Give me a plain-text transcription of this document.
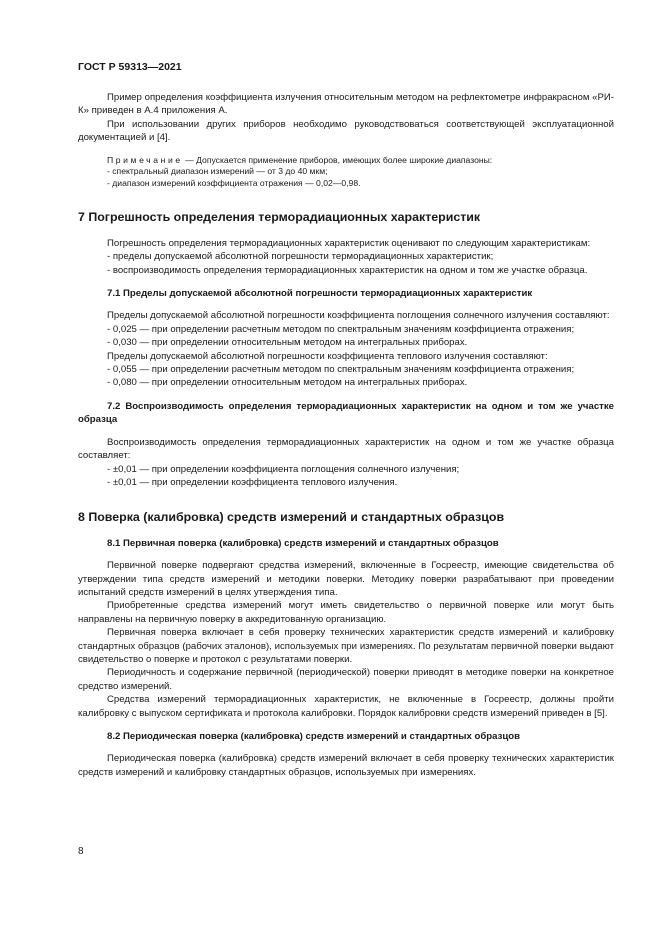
ГОСТ Р 59313—2021

Пример определения коэффициента излучения относительным методом на рефлектометре инфракрасном «РИ-К» приведен в А.4 приложения А.

При использовании других приборов необходимо руководствоваться соответствующей эксплуатационной документацией и [4].

Примечание — Допускается применение приборов, имеющих более широкие диапазоны:

- спектральный диапазон измерений — от 3 до 40 мкм;

- диапазон измерений коэффициента отражения — 0,02—0,98.

7 Погрешность определения терморадиационных характеристик

Погрешность определения терморадиационных характеристик оценивают по следующим характеристикам:

- пределы допускаемой абсолютной погрешности терморадиационных характеристик;

- воспроизводимость определения терморадиационных характеристик на одном и том же участке образца.

7.1 Пределы допускаемой абсолютной погрешности терморадиационных характеристик

Пределы допускаемой абсолютной погрешности коэффициента поглощения солнечного излучения составляют:

- 0,025 — при определении расчетным методом по спектральным значениям коэффициента отражения;

- 0,030 — при определении относительным методом на интегральных приборах.

Пределы допускаемой абсолютной погрешности коэффициента теплового излучения составляют:

- 0,055 — при определении расчетным методом по спектральным значениям коэффициента отражения;

- 0,080 — при определении относительным методом на интегральных приборах.

7.2 Воспроизводимость определения терморадиационных характеристик на одном и том же участке образца

Воспроизводимость определения терморадиационных характеристик на одном и том же участке образца составляет:

- ±0,01 — при определении коэффициента поглощения солнечного излучения;

- ±0,01 — при определении коэффициента теплового излучения.

8 Поверка (калибровка) средств измерений и стандартных образцов

8.1 Первичная поверка (калибровка) средств измерений и стандартных образцов

Первичной поверке подвергают средства измерений, включенные в Госреестр, имеющие свидетельства об утверждении типа средств измерений и методики поверки. Методику поверки разрабатывают при проведении испытаний средств измерений в целях утверждения типа.

Приобретенные средства измерений могут иметь свидетельство о первичной поверке или могут быть направлены на первичную поверку в аккредитованную организацию.

Первичная поверка включает в себя проверку технических характеристик средств измерений и калибровку стандартных образцов (рабочих эталонов), используемых при измерениях. По результатам первичной поверки выдают свидетельство о поверке и протокол с результатами поверки.

Периодичность и содержание первичной (периодической) поверки приводят в методике поверки на конкретное средство измерений.

Средства измерений терморадиационных характеристик, не включенные в Госреестр, должны пройти калибровку с выпуском сертификата и протокола калибровки. Порядок калибровки средств измерений приведен в [5].

8.2 Периодическая поверка (калибровка) средств измерений и стандартных образцов

Периодическая поверка (калибровка) средств измерений включает в себя проверку технических характеристик средств измерений и калибровку стандартных образцов, используемых при измерениях.

8
